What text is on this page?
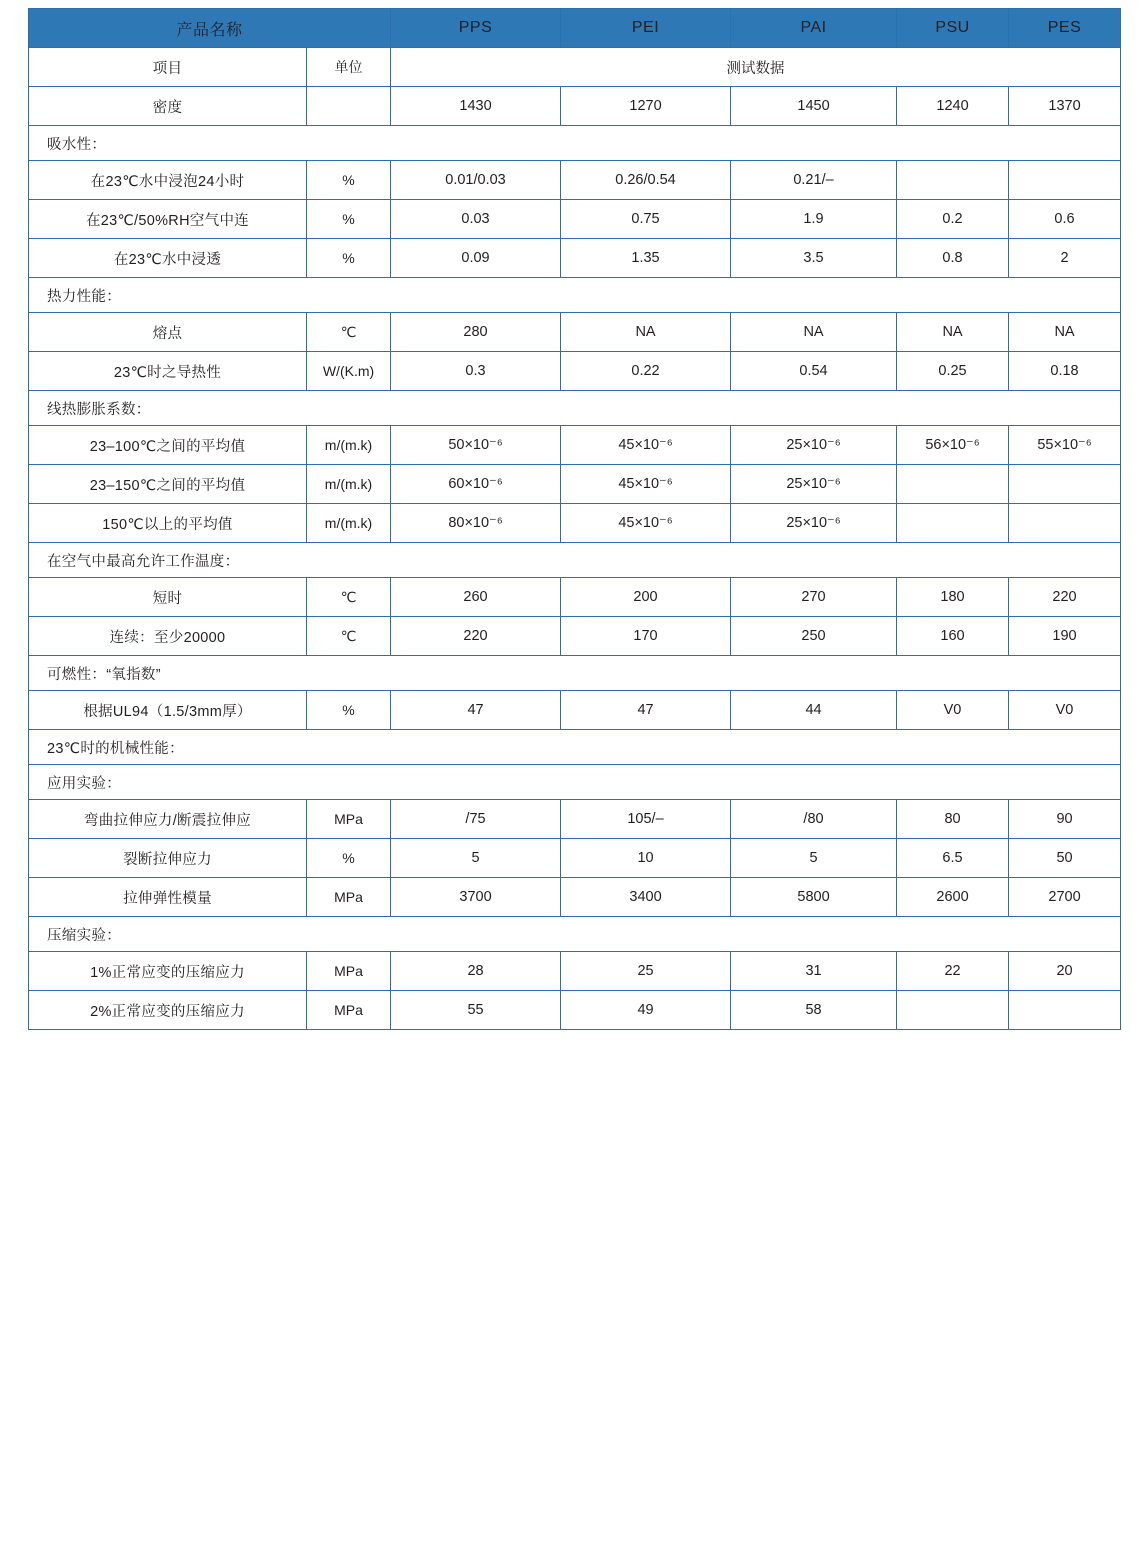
产品名称		PPS	PEI	PAI	PSU	PES
项目	单位	测试数据				
密度		1430	1270	1450	1240	1370
吸水性：						
在23℃水中浸泡24小时	%	0.01/0.03	0.26/0.54	0.21/–		
在23℃/50%RH空气中连	%	0.03	0.75	1.9	0.2	0.6
在23℃水中浸透	%	0.09	1.35	3.5	0.8	2
热力性能：						
熔点	℃	280	NA	NA	NA	NA
23℃时之导热性	W/(K.m)	0.3	0.22	0.54	0.25	0.18
线热膨胀系数：						
23–100℃之间的平均值	m/(m.k)	50×10⁻⁶	45×10⁻⁶	25×10⁻⁶	56×10⁻⁶	55×10⁻⁶
23–150℃之间的平均值	m/(m.k)	60×10⁻⁶	45×10⁻⁶	25×10⁻⁶		
150℃以上的平均值	m/(m.k)	80×10⁻⁶	45×10⁻⁶	25×10⁻⁶		
在空气中最高允许工作温度：						
短时	℃	260	200	270	180	220
连续：至少20000	℃	220	170	250	160	190
可燃性：“氧指数”						
根据UL94（1.5/3mm厚）	%	47	47	44	V0	V0
23℃时的机械性能：						
应用实验：						
弯曲拉伸应力/断震拉伸应	MPa	/75	105/–	/80	80	90
裂断拉伸应力	%	5	10	5	6.5	50
拉伸弹性模量	MPa	3700	3400	5800	2600	2700
压缩实验：						
1%正常应变的压缩应力	MPa	28	25	31	22	20
2%正常应变的压缩应力	MPa	55	49	58		
